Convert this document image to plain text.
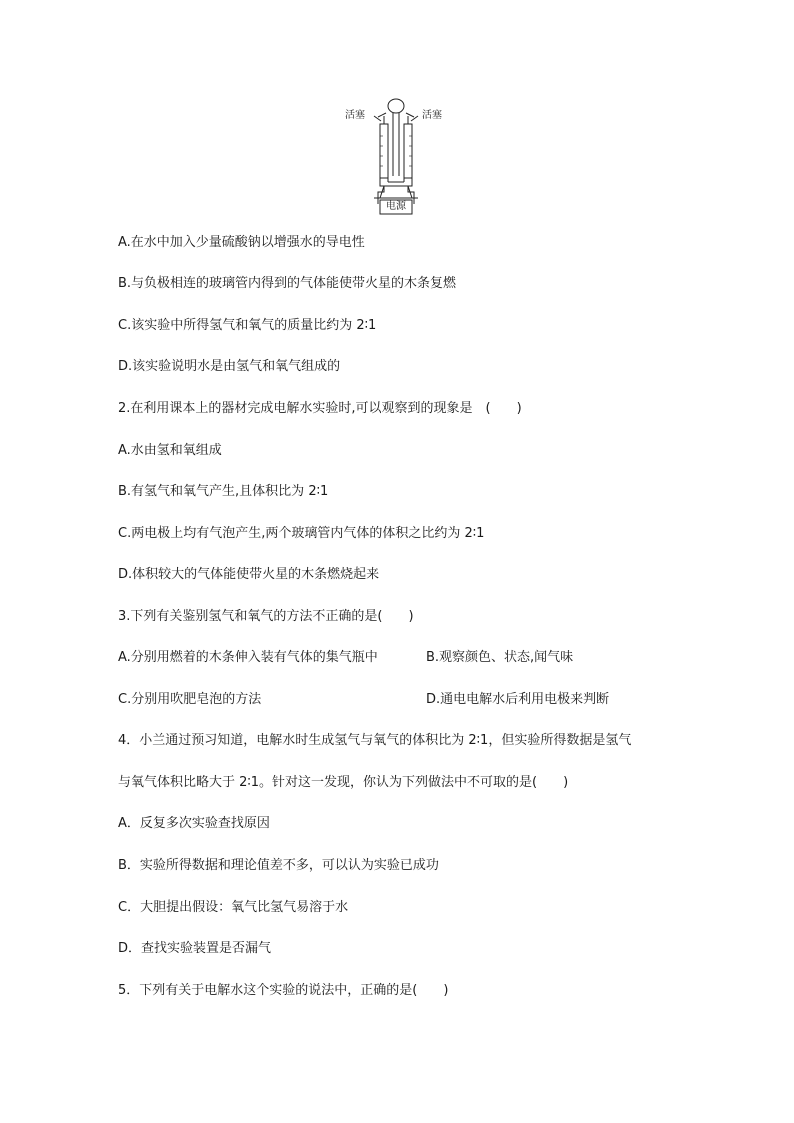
活塞	活塞
电源
A.在水中加入少量硫酸钠以增强水的导电性
B.与负极相连的玻璃管内得到的气体能使带火星的木条复燃
C.该实验中所得氢气和氧气的质量比约为 2∶1
D.该实验说明水是由氢气和氧气组成的
2.在利用课本上的器材完成电解水实验时,可以观察到的现象是　(　　)
A.水由氢和氧组成
B.有氢气和氧气产生,且体积比为 2∶1
C.两电极上均有气泡产生,两个玻璃管内气体的体积之比约为 2∶1
D.体积较大的气体能使带火星的木条燃烧起来
3.下列有关鉴别氢气和氧气的方法不正确的是(　　)
A.分别用燃着的木条伸入装有气体的集气瓶中	B.观察颜色、状态,闻气味
C.分别用吹肥皂泡的方法	D.通电电解水后利用电极来判断
4．小兰通过预习知道，电解水时生成氢气与氧气的体积比为 2∶1，但实验所得数据是氢气
与氧气体积比略大于 2∶1。针对这一发现，你认为下列做法中不可取的是(　　)
A．反复多次实验查找原因
B．实验所得数据和理论值差不多，可以认为实验已成功
C．大胆提出假设：氧气比氢气易溶于水
D．查找实验装置是否漏气
5．下列有关于电解水这个实验的说法中，正确的是(　　)
